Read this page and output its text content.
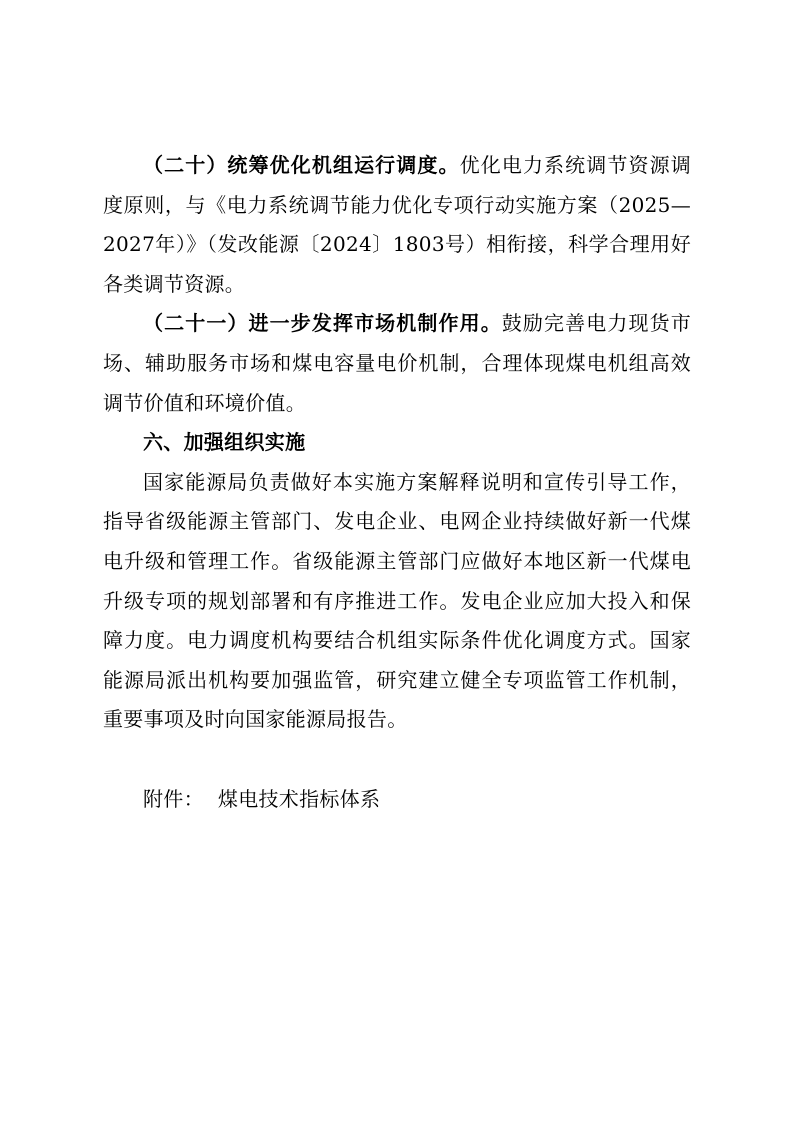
（二十）统筹优化机组运行调度。优化电力系统调节资源调度原则，与《电力系统调节能力优化专项行动实施方案（2025—2027年）》（发改能源〔2024〕1803号）相衔接，科学合理用好各类调节资源。

（二十一）进一步发挥市场机制作用。鼓励完善电力现货市场、辅助服务市场和煤电容量电价机制，合理体现煤电机组高效调节价值和环境价值。

六、加强组织实施

国家能源局负责做好本实施方案解释说明和宣传引导工作，指导省级能源主管部门、发电企业、电网企业持续做好新一代煤电升级和管理工作。省级能源主管部门应做好本地区新一代煤电升级专项的规划部署和有序推进工作。发电企业应加大投入和保障力度。电力调度机构要结合机组实际条件优化调度方式。国家能源局派出机构要加强监管，研究建立健全专项监管工作机制，重要事项及时向国家能源局报告。

附件： 煤电技术指标体系
